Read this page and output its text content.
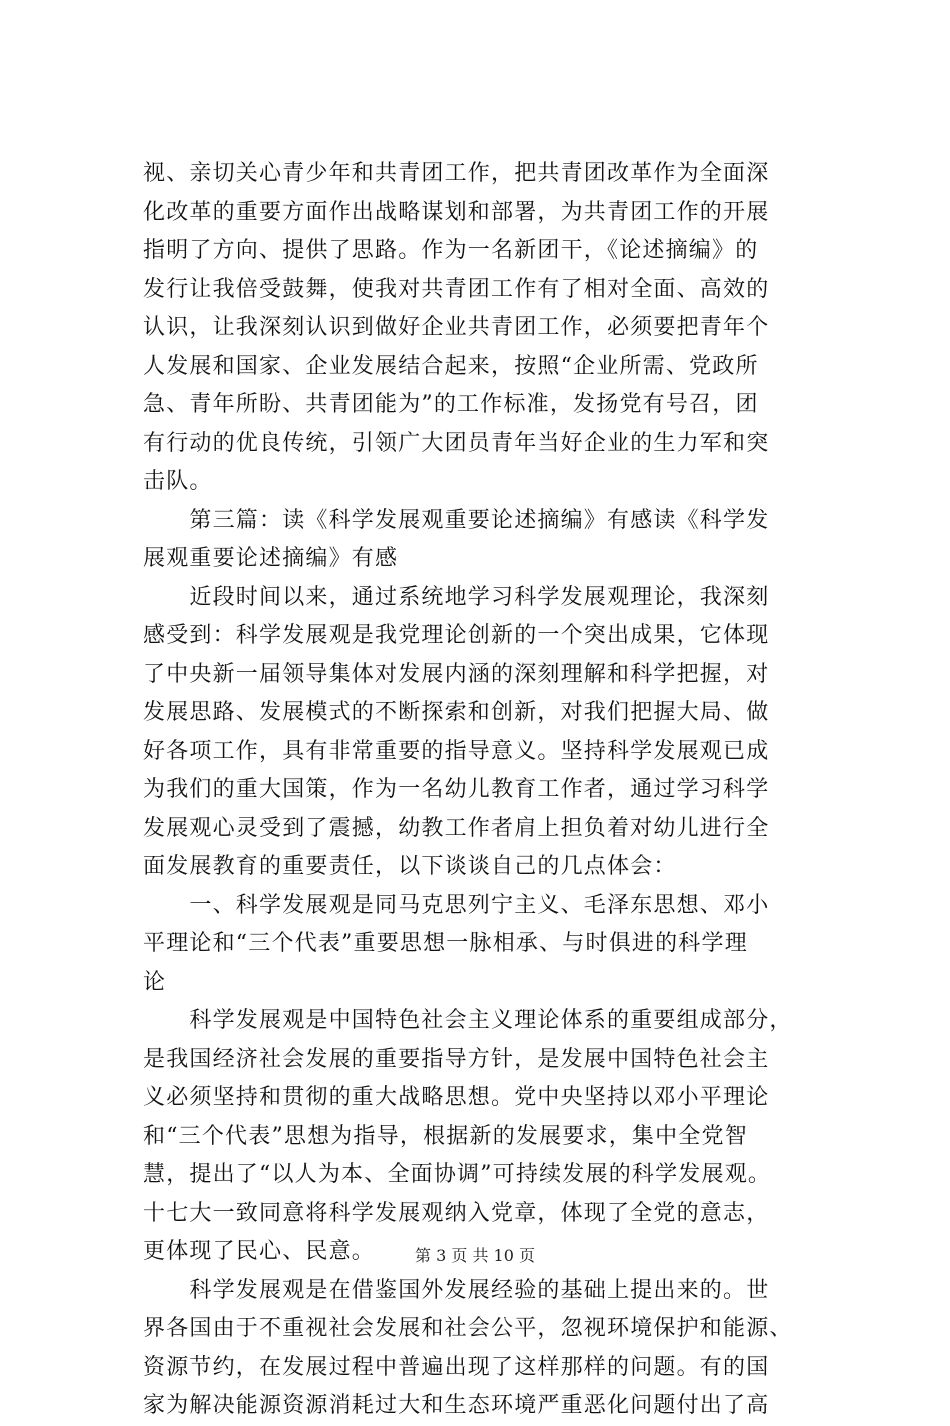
视、亲切关心青少年和共青团工作，把共青团改革作为全面深
化改革的重要方面作出战略谋划和部署，为共青团工作的开展
指明了方向、提供了思路。作为一名新团干，《论述摘编》的
发行让我倍受鼓舞，使我对共青团工作有了相对全面、高效的
认识，让我深刻认识到做好企业共青团工作，必须要把青年个
人发展和国家、企业发展结合起来，按照“企业所需、党政所
急、青年所盼、共青团能为”的工作标准，发扬党有号召，团
有行动的优良传统，引领广大团员青年当好企业的生力军和突
击队。
　　第三篇：读《科学发展观重要论述摘编》有感读《科学发
展观重要论述摘编》有感
　　近段时间以来，通过系统地学习科学发展观理论，我深刻
感受到：科学发展观是我党理论创新的一个突出成果，它体现
了中央新一届领导集体对发展内涵的深刻理解和科学把握，对
发展思路、发展模式的不断探索和创新，对我们把握大局、做
好各项工作，具有非常重要的指导意义。坚持科学发展观已成
为我们的重大国策，作为一名幼儿教育工作者，通过学习科学
发展观心灵受到了震撼，幼教工作者肩上担负着对幼儿进行全
面发展教育的重要责任，以下谈谈自己的几点体会：
　　一、科学发展观是同马克思列宁主义、毛泽东思想、邓小
平理论和“三个代表”重要思想一脉相承、与时俱进的科学理
论
　　科学发展观是中国特色社会主义理论体系的重要组成部分，
是我国经济社会发展的重要指导方针，是发展中国特色社会主
义必须坚持和贯彻的重大战略思想。党中央坚持以邓小平理论
和“三个代表”思想为指导，根据新的发展要求，集中全党智
慧，提出了“以人为本、全面协调”可持续发展的科学发展观。
十七大一致同意将科学发展观纳入党章，体现了全党的意志，
更体现了民心、民意。
　　科学发展观是在借鉴国外发展经验的基础上提出来的。世
界各国由于不重视社会发展和社会公平，忽视环境保护和能源、
资源节约，在发展过程中普遍出现了这样那样的问题。有的国
家为解决能源资源消耗过大和生态环境严重恶化问题付出了高
第 3 页 共 10 页
